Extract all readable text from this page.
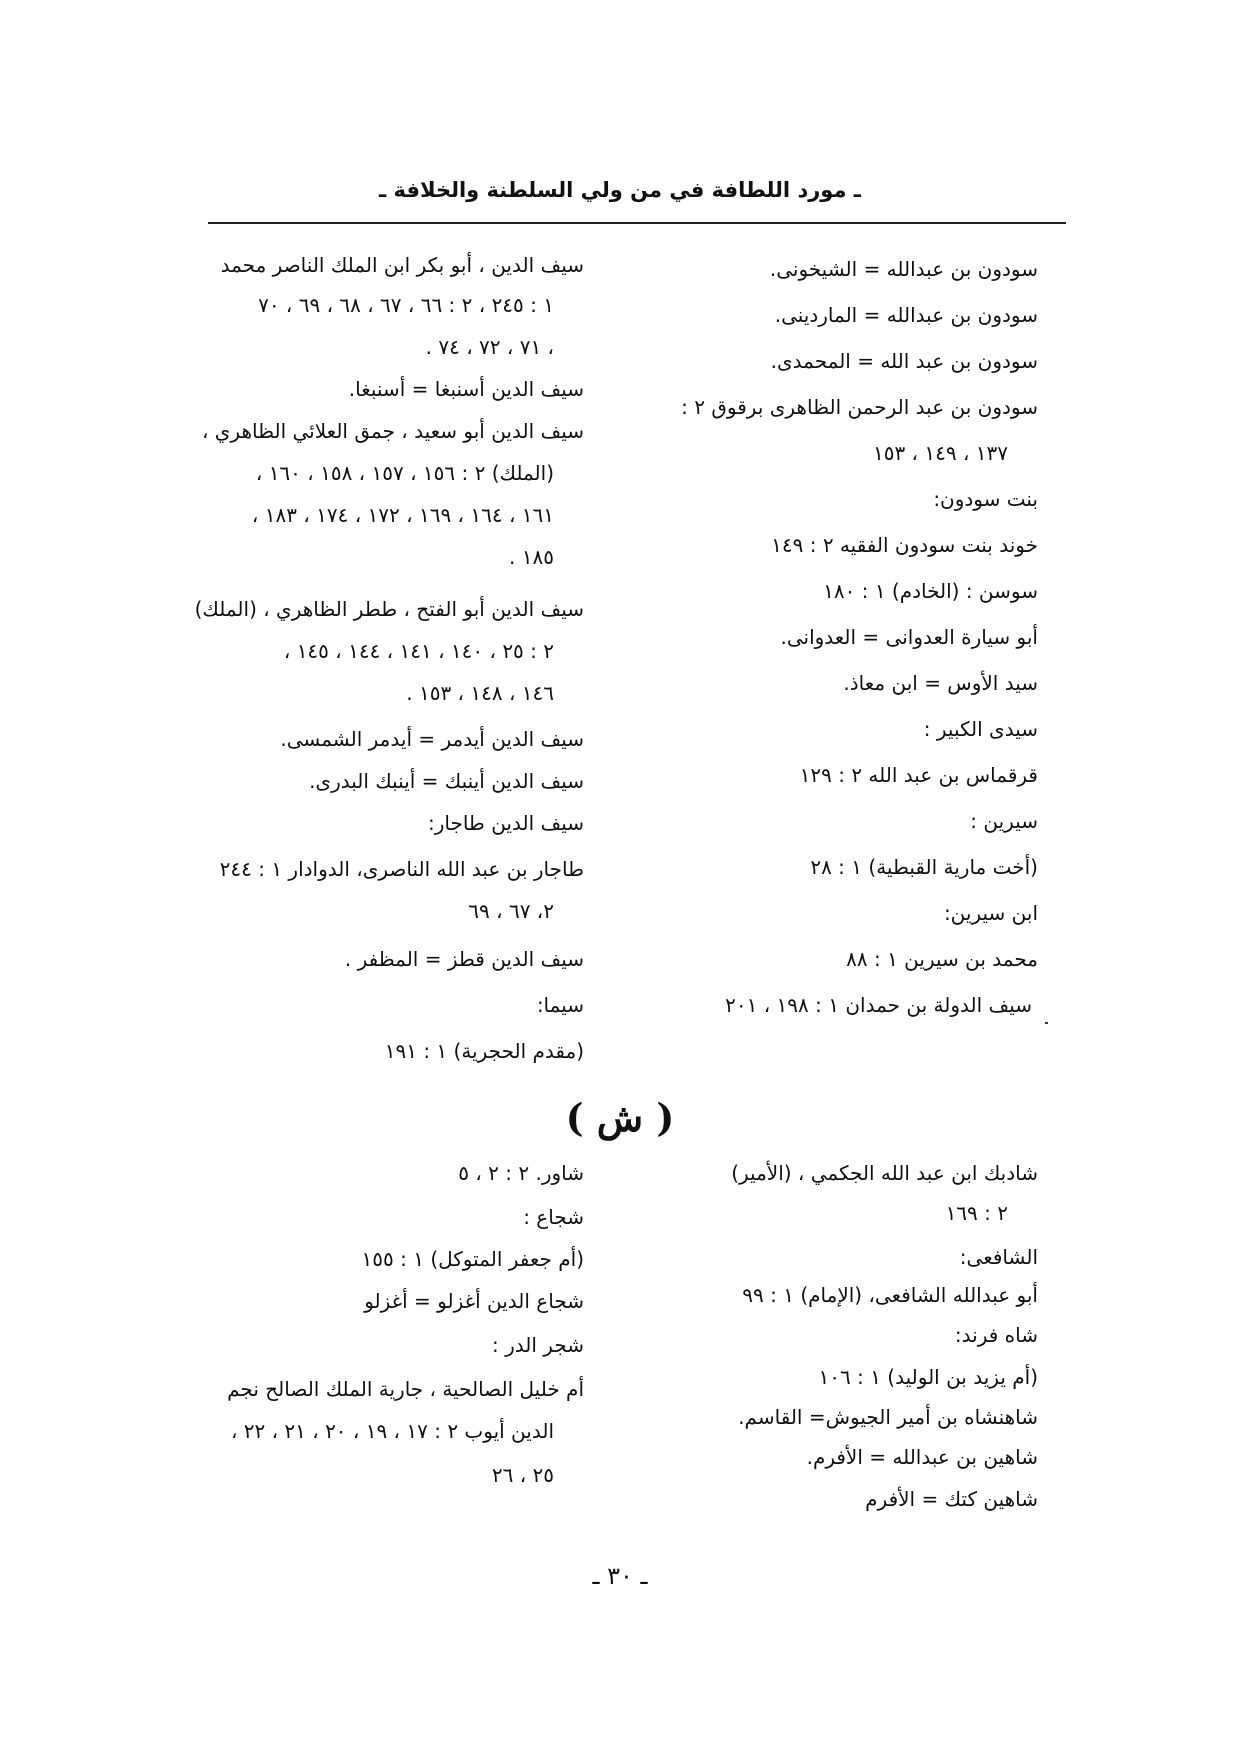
ـ مورد اللطافة في من ولي السلطنة والخلافة ـ
سودون بن عبدالله = الشيخونى.
سودون بن عبدالله = الماردينى.
سودون بن عبد الله = المحمدى.
سودون بن عبد الرحمن الظاهرى برقوق ٢ :
١٣٧ ، ١٤٩ ، ١٥٣
بنت سودون:
خوند بنت سودون الفقيه ٢ : ١٤٩
سوسن : (الخادم) ١ : ١٨٠
أبو سيارة العدوانى = العدوانى.
سيد الأوس = ابن معاذ.
سيدى الكبير :
قرقماس بن عبد الله ٢ : ١٢٩
سيرين :
(أخت مارية القبطية) ١ : ٢٨
ابن سيرين:
محمد بن سيرين ١ : ٨٨
سيف الدولة بن حمدان ١ : ١٩٨ ، ٢٠١
سيف الدين ، أبو بكر ابن الملك الناصر محمد
١ : ٢٤٥ ، ٢ : ٦٦ ، ٦٧ ، ٦٨ ، ٦٩ ، ٧٠
، ٧١ ، ٧٢ ، ٧٤ .
سيف الدين أسنبغا = أسنبغا.
سيف الدين أبو سعيد ، جمق العلائي الظاهري ،
(الملك) ٢ : ١٥٦ ، ١٥٧ ، ١٥٨ ، ١٦٠ ،
١٦١ ، ١٦٤ ، ١٦٩ ، ١٧٢ ، ١٧٤ ، ١٨٣ ،
١٨٥ .
سيف الدين أبو الفتح ، ططر الظاهري ، (الملك)
٢ : ٢٥ ، ١٤٠ ، ١٤١ ، ١٤٤ ، ١٤٥ ،
١٤٦ ، ١٤٨ ، ١٥٣ .
سيف الدين أيدمر = أيدمر الشمسى.
سيف الدين أينبك = أينبك البدرى.
سيف الدين طاجار:
طاجار بن عبد الله الناصرى، الدوادار ١ : ٢٤٤
٢، ٦٧ ، ٦٩
سيف الدين قطز = المظفر .
سيما:
(مقدم الحجرية) ١ : ١٩١
( ش )
شادبك ابن عبد الله الجكمي ، (الأمير)
٢ : ١٦٩
الشافعى:
أبو عبدالله الشافعى، (الإمام) ١ : ٩٩
شاه فرند:
(أم يزيد بن الوليد) ١ : ١٠٦
شاهنشاه بن أمير الجيوش= القاسم.
شاهين بن عبدالله = الأفرم.
شاهين كتك = الأفرم
شاور. ٢ : ٢ ، ٥
شجاع :
(أم جعفر المتوكل) ١ : ١٥٥
شجاع الدين أغزلو = أغزلو
شجر الدر :
أم خليل الصالحية ، جارية الملك الصالح نجم
الدين أيوب ٢ : ١٧ ، ١٩ ، ٢٠ ، ٢١ ، ٢٢ ،
٢٥ ، ٢٦
ـ ٣٠ ـ
